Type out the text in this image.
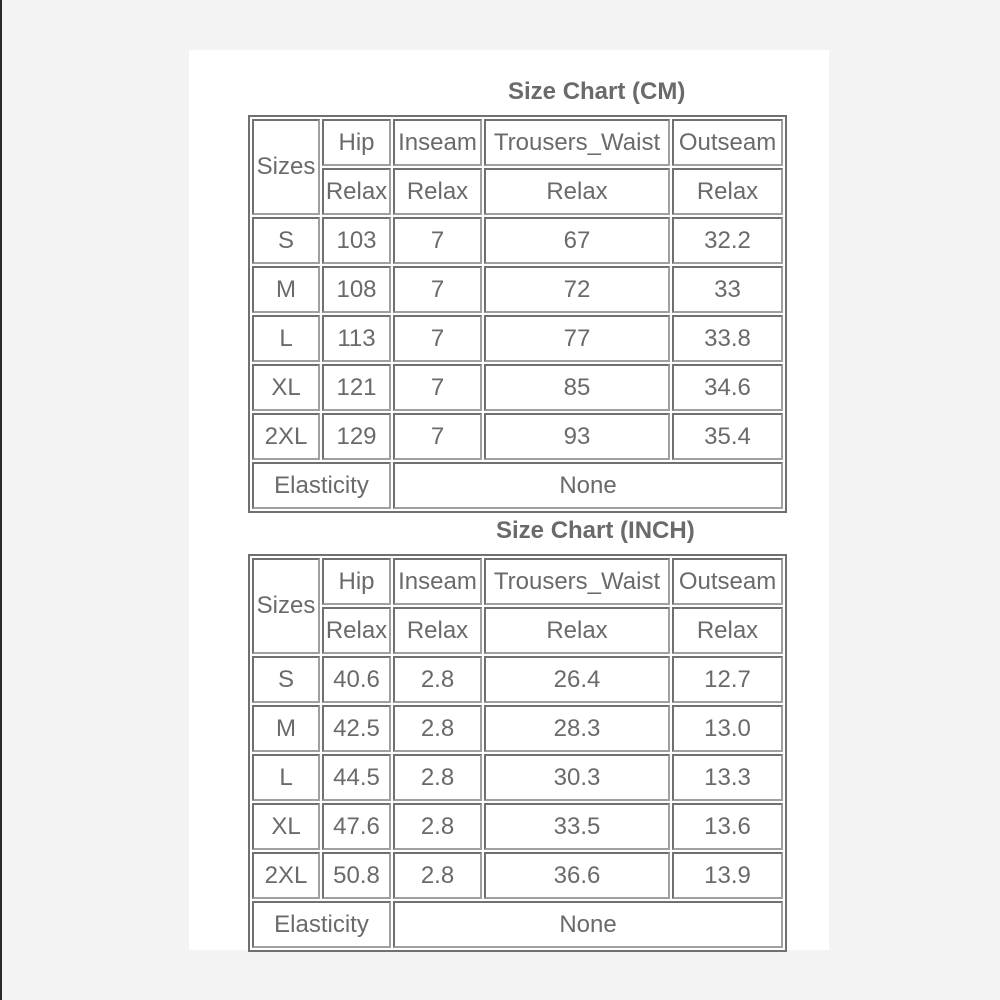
Size Chart (CM)
Sizes	Hip	Inseam	Trousers_Waist	Outseam
	Relax	Relax	Relax	Relax
S	103	7	67	32.2
M	108	7	72	33
L	113	7	77	33.8
XL	121	7	85	34.6
2XL	129	7	93	35.4
Elasticity		None		
Size Chart (INCH)
Sizes	Hip	Inseam	Trousers_Waist	Outseam
	Relax	Relax	Relax	Relax
S	40.6	2.8	26.4	12.7
M	42.5	2.8	28.3	13.0
L	44.5	2.8	30.3	13.3
XL	47.6	2.8	33.5	13.6
2XL	50.8	2.8	36.6	13.9
Elasticity		None		
